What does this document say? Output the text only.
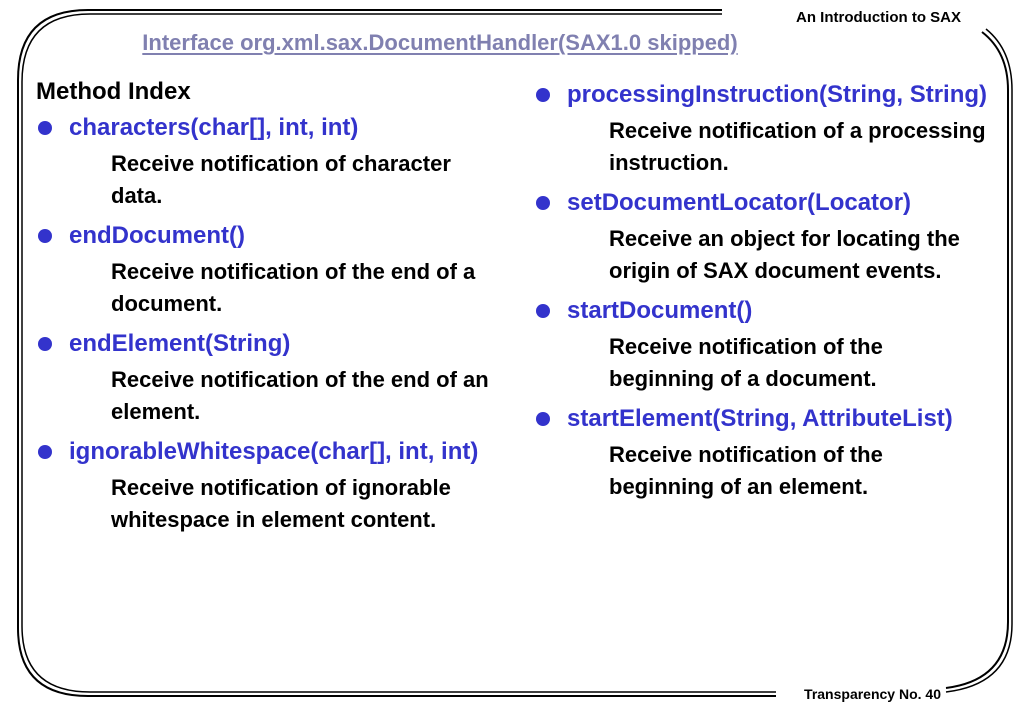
An Introduction to SAX
Interface org.xml.sax.DocumentHandler(SAX1.0 skipped)
Method Index
characters(char[], int, int)
Receive notification of character data.
endDocument()
Receive notification of the end of a document.
endElement(String)
Receive notification of the end of an element.
ignorableWhitespace(char[], int, int)
Receive notification of ignorable whitespace in element content.
processingInstruction(String, String)
Receive notification of a processing instruction.
setDocumentLocator(Locator)
Receive an object for locating the origin of SAX document events.
startDocument()
Receive notification of the beginning of a document.
startElement(String, AttributeList)
Receive notification of the beginning of an element.
Transparency No. 40
